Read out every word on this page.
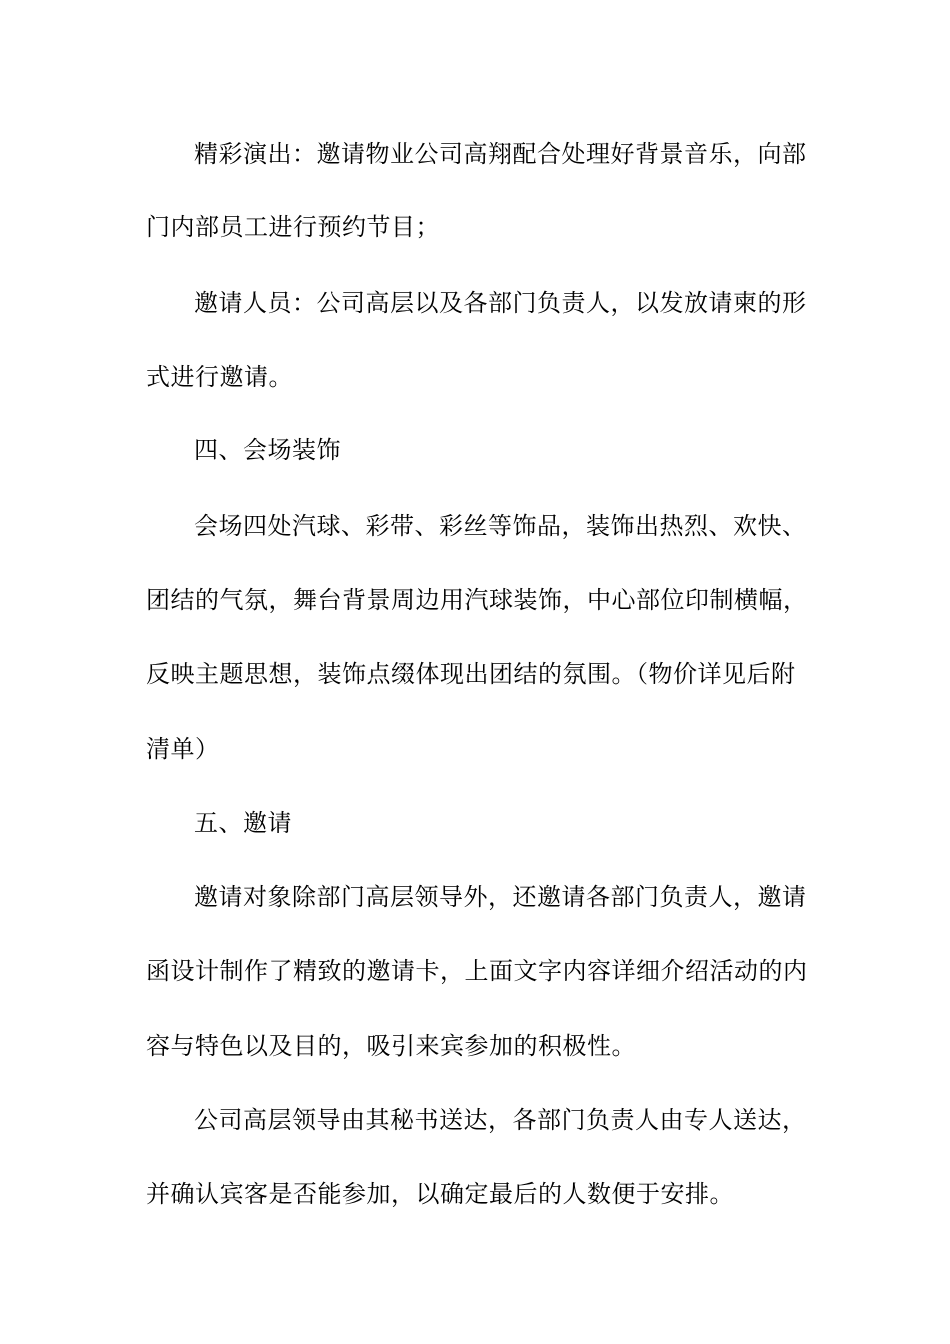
精彩演出：邀请物业公司高翔配合处理好背景音乐，向部
门内部员工进行预约节目；
邀请人员：公司高层以及各部门负责人，以发放请柬的形
式进行邀请。
四、会场装饰
会场四处汽球、彩带、彩丝等饰品，装饰出热烈、欢快、
团结的气氛，舞台背景周边用汽球装饰，中心部位印制横幅，
反映主题思想，装饰点缀体现出团结的氛围。（物价详见后附
清单）
五、邀请
邀请对象除部门高层领导外，还邀请各部门负责人，邀请
函设计制作了精致的邀请卡，上面文字内容详细介绍活动的内
容与特色以及目的，吸引来宾参加的积极性。
公司高层领导由其秘书送达，各部门负责人由专人送达，
并确认宾客是否能参加，以确定最后的人数便于安排。
